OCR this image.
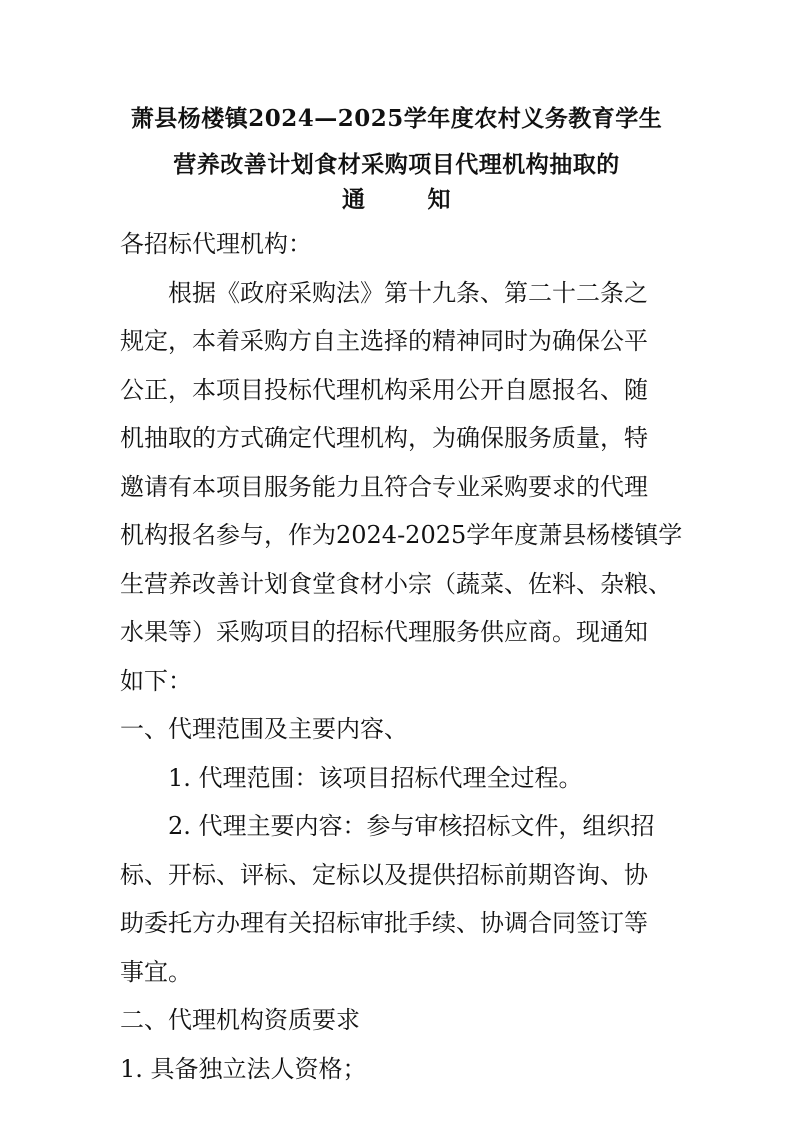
萧县杨楼镇2024—2025学年度农村义务教育学生
营养改善计划食材采购项目代理机构抽取的
通	知
各招标代理机构：
根据《政府采购法》第十九条、第二十二条之
规定，本着采购方自主选择的精神同时为确保公平
公正，本项目投标代理机构采用公开自愿报名、随
机抽取的方式确定代理机构，为确保服务质量，特
邀请有本项目服务能力且符合专业采购要求的代理
机构报名参与，作为2024-2025学年度萧县杨楼镇学
生营养改善计划食堂食材小宗（蔬菜、佐料、杂粮、
水果等）采购项目的招标代理服务供应商。现通知
如下：
一、代理范围及主要内容、
1. 代理范围：该项目招标代理全过程。
2. 代理主要内容：参与审核招标文件，组织招
标、开标、评标、定标以及提供招标前期咨询、协
助委托方办理有关招标审批手续、协调合同签订等
事宜。
二、代理机构资质要求
1. 具备独立法人资格；
